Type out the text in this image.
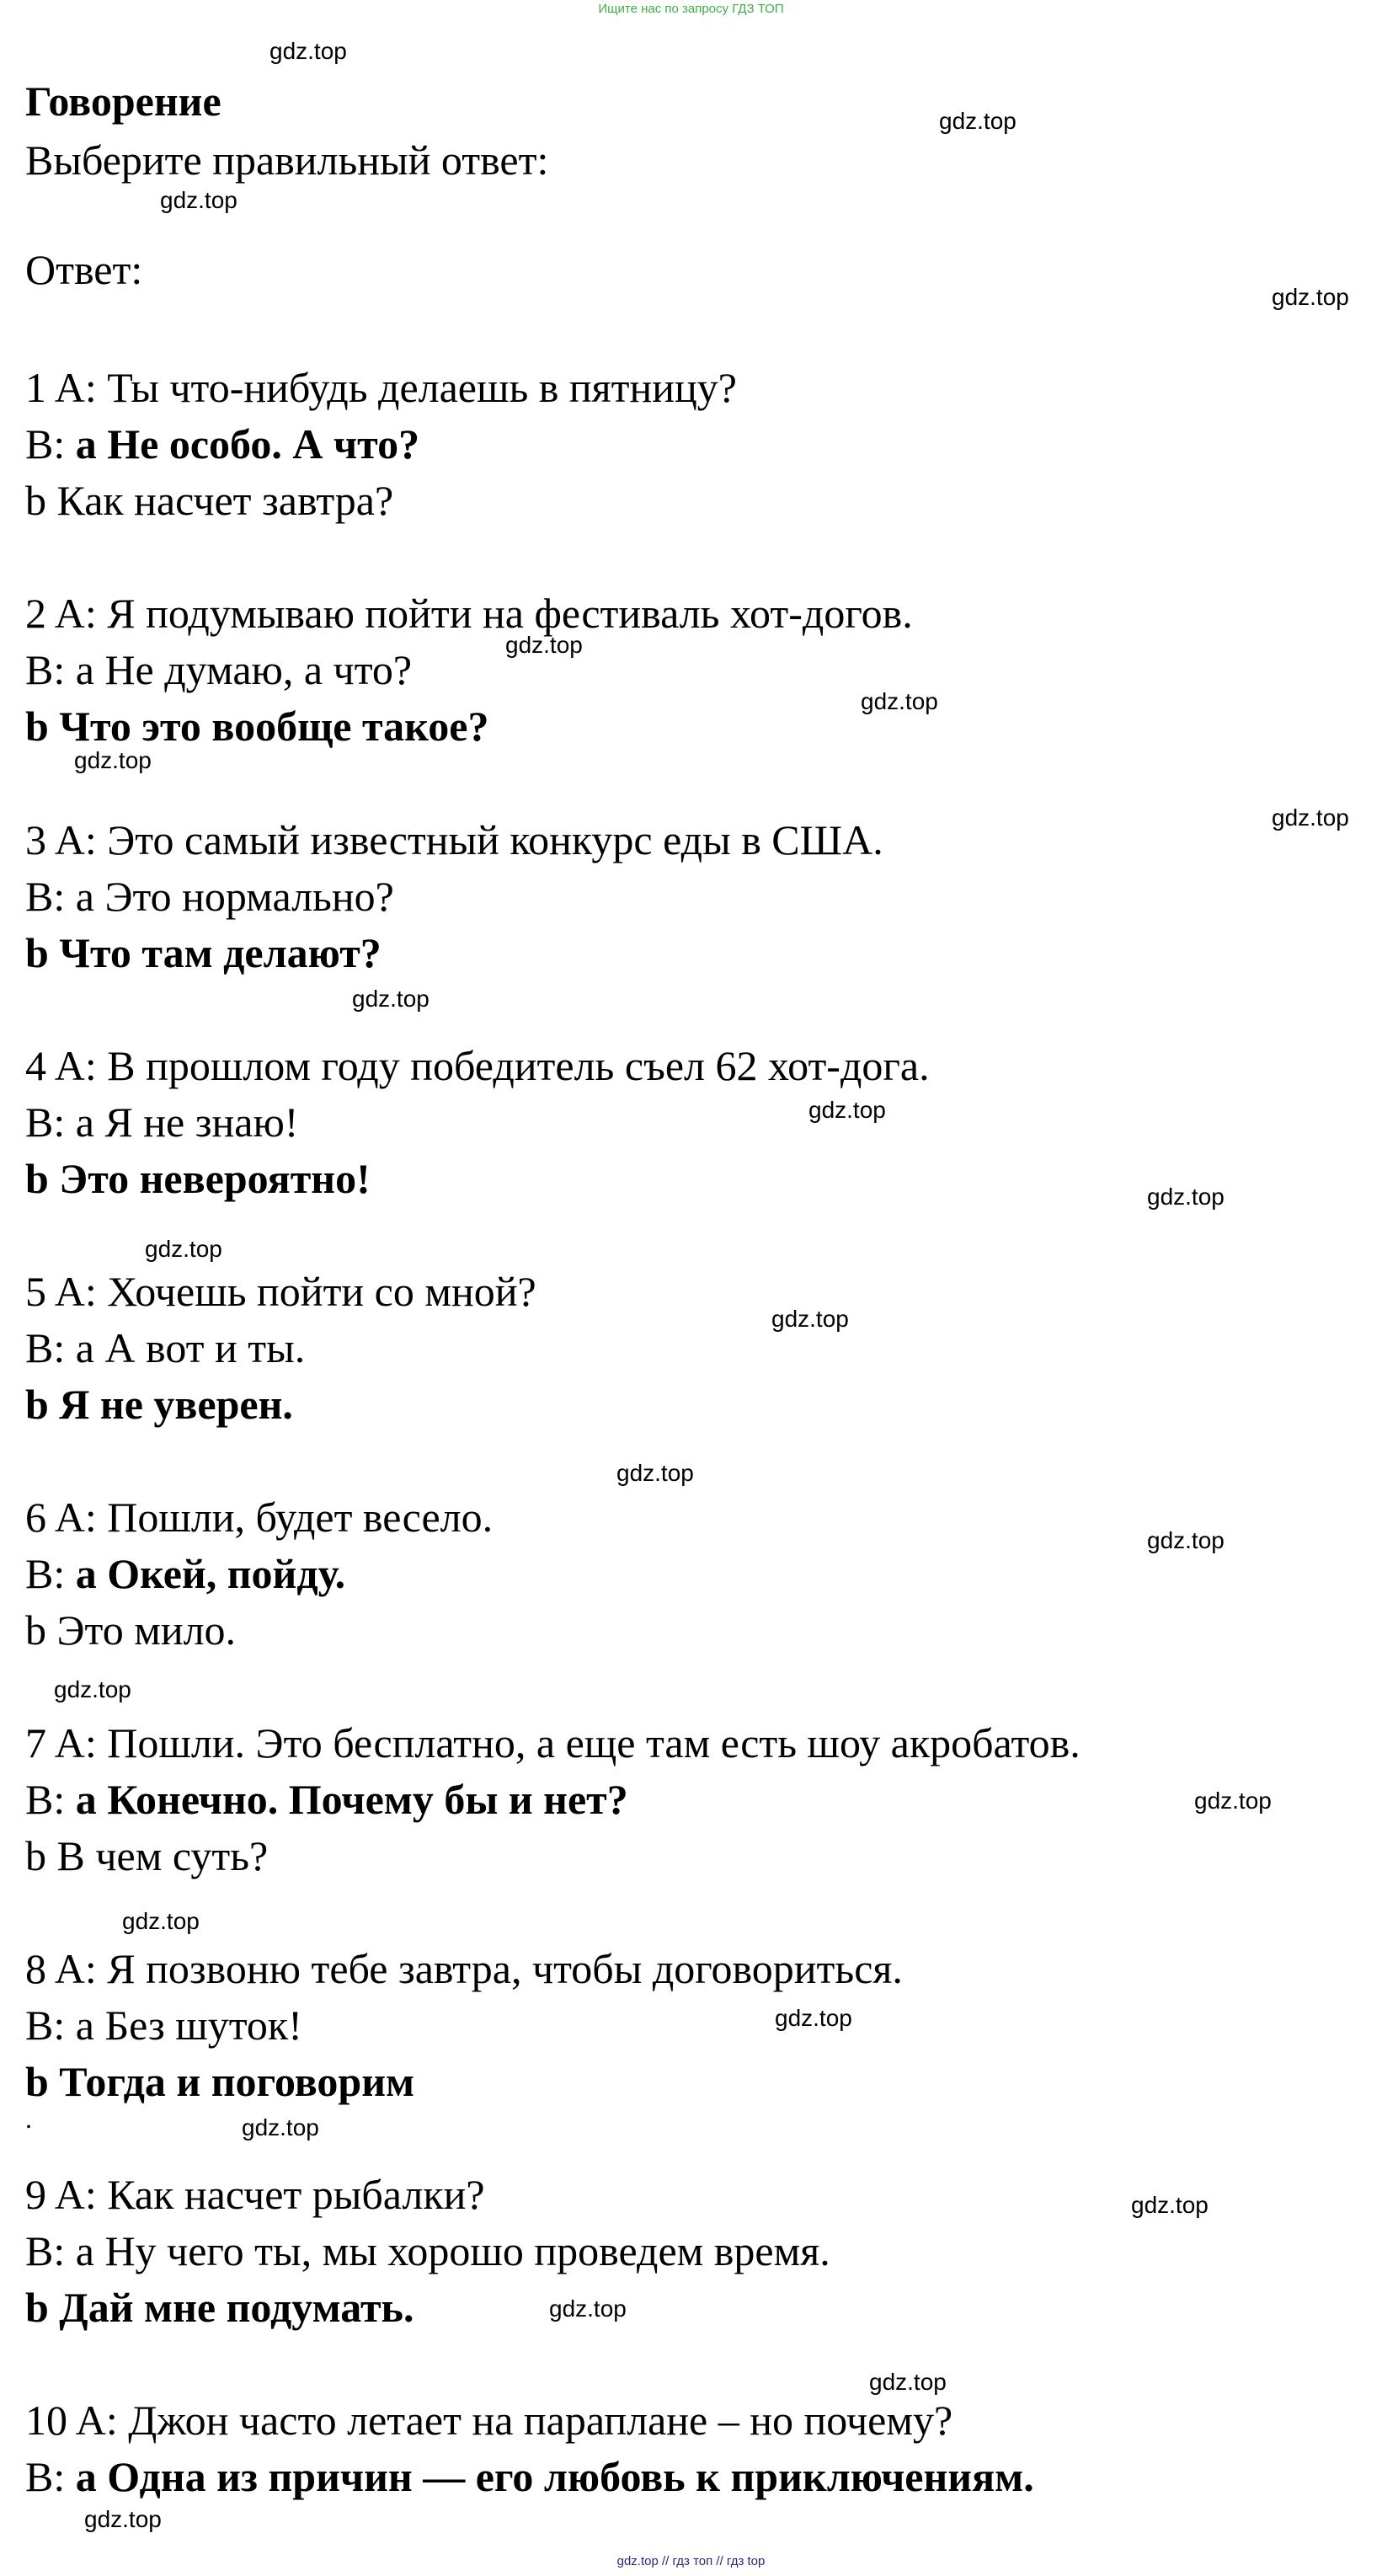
Ищите нас по запросу ГДЗ ТОП
Говорение
Выберите правильный ответ:
Ответ:
1 A: Ты что-нибудь делаешь в пятницу?
B: a Не особо. А что?
b Как насчет завтра?
2 A: Я подумываю пойти на фестиваль хот-догов.
B: a Не думаю, а что?
b Что это вообще такое?
3 A: Это самый известный конкурс еды в США.
B: a Это нормально?
b Что там делают?
4 A: В прошлом году победитель съел 62 хот-дога.
B: a Я не знаю!
b Это невероятно!
5 A: Хочешь пойти со мной?
B: a А вот и ты.
b Я не уверен.
6 A: Пошли, будет весело.
B: a Окей, пойду.
b Это мило.
7 A: Пошли. Это бесплатно, а еще там есть шоу акробатов.
B: a Конечно. Почему бы и нет?
b В чем суть?
8 A: Я позвоню тебе завтра, чтобы договориться.
B: a Без шуток!
b Тогда и поговорим
.
9 A: Как насчет рыбалки?
B: a Ну чего ты, мы хорошо проведем время.
b Дай мне подумать.
10 A: Джон часто летает на параплане – но почему?
B: a Одна из причин — его любовь к приключениям.
gdz.top
gdz.top
gdz.top
gdz.top
gdz.top
gdz.top
gdz.top
gdz.top
gdz.top
gdz.top
gdz.top
gdz.top
gdz.top
gdz.top
gdz.top
gdz.top
gdz.top
gdz.top
gdz.top
gdz.top
gdz.top
gdz.top
gdz.top
gdz.top
gdz.top // гдз топ // гдз top
